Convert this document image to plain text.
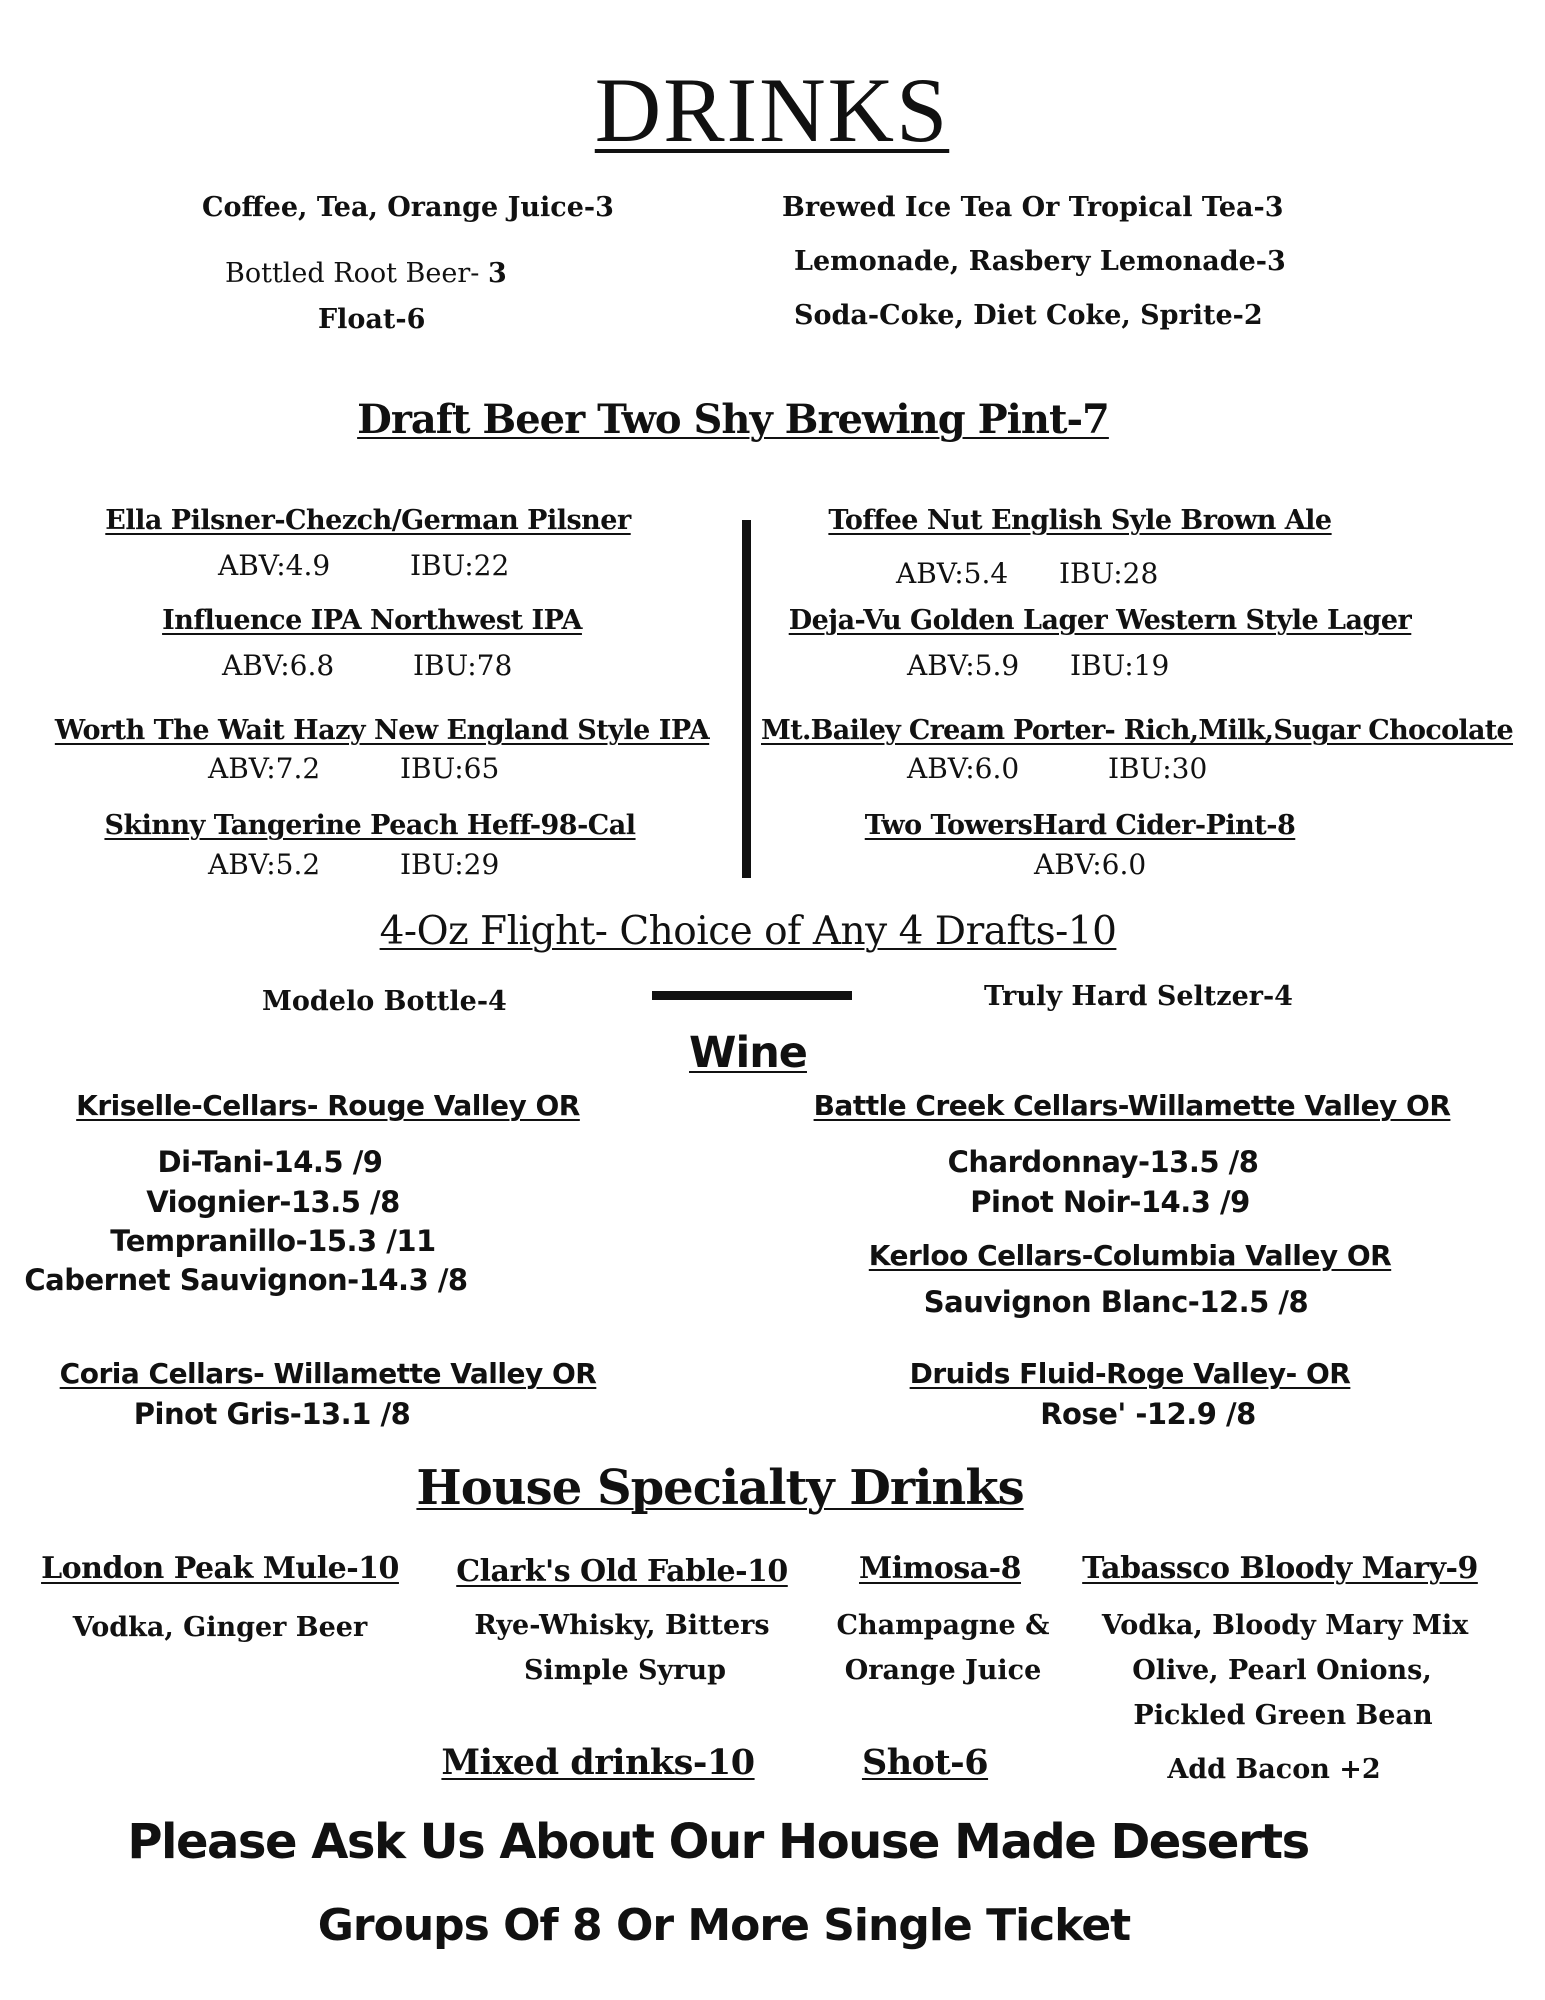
DRINKS
Coffee, Tea, Orange Juice-3
Bottled Root Beer- 3
Float-6
Brewed Ice Tea Or Tropical Tea-3
Lemonade, Rasbery Lemonade-3
Soda-Coke, Diet Coke, Sprite-2
Draft Beer Two Shy Brewing Pint-7
Ella Pilsner-Chezch/German Pilsner
ABV:4.9	IBU:22
Influence IPA Northwest IPA
ABV:6.8	IBU:78
Worth The Wait Hazy New England Style IPA
ABV:7.2	IBU:65
Skinny Tangerine Peach Heff-98-Cal
ABV:5.2	IBU:29
Toffee Nut English Syle Brown Ale
ABV:5.4 IBU:28
Deja-Vu Golden Lager Western Style Lager
ABV:5.9 IBU:19
Mt.Bailey Cream Porter- Rich,Milk,Sugar Chocolate
ABV:6.0	IBU:30
Two TowersHard Cider-Pint-8
ABV:6.0
4-Oz Flight- Choice of Any 4 Drafts-10
Modelo Bottle-4	Truly Hard Seltzer-4
Wine
Kriselle-Cellars- Rouge Valley OR
Di-Tani-14.5 /9
Viognier-13.5 /8
Tempranillo-15.3 /11
Cabernet Sauvignon-14.3 /8
Battle Creek Cellars-Willamette Valley OR
Chardonnay-13.5 /8
Pinot Noir-14.3 /9
Kerloo Cellars-Columbia Valley OR
Sauvignon Blanc-12.5 /8
Coria Cellars- Willamette Valley OR
Pinot Gris-13.1 /8
Druids Fluid-Roge Valley- OR
Rose' -12.9 /8
House Specialty Drinks
London Peak Mule-10
Vodka, Ginger Beer
Clark's Old Fable-10
Rye-Whisky, Bitters
Simple Syrup
Mimosa-8
Champagne &
Orange Juice
Tabassco Bloody Mary-9
Vodka, Bloody Mary Mix
Olive, Pearl Onions,
Pickled Green Bean
Add Bacon +2
Mixed drinks-10	Shot-6
Please Ask Us About Our House Made Deserts
Groups Of 8 Or More Single Ticket
